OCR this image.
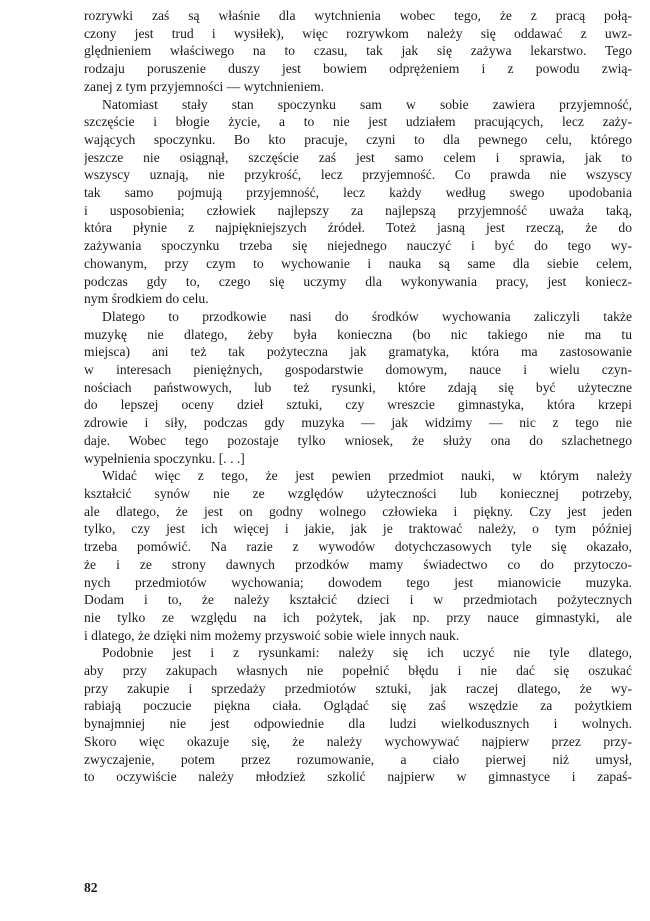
rozrywki zaś są właśnie dla wytchnienia wobec tego, że z pracą połą-

czony jest trud i wysiłek), więc rozrywkom należy się oddawać z uwz-

ględnieniem właściwego na to czasu, tak jak się zażywa lekarstwo. Tego

rodzaju poruszenie duszy jest bowiem odprężeniem i z powodu zwią-

zanej z tym przyjemności — wytchnieniem.

Natomiast stały stan spoczynku sam w sobie zawiera przyjemność,

szczęście i błogie życie, a to nie jest udziałem pracujących, lecz zaży-

wających spoczynku. Bo kto pracuje, czyni to dla pewnego celu, którego

jeszcze nie osiągnął, szczęście zaś jest samo celem i sprawia, jak to

wszyscy uznają, nie przykrość, lecz przyjemność. Co prawda nie wszyscy

tak samo pojmują przyjemność, lecz każdy według swego upodobania

i usposobienia; człowiek najlepszy za najlepszą przyjemność uważa taką,

która płynie z najpiękniejszych źródeł. Toteż jasną jest rzeczą, że do

zażywania spoczynku trzeba się niejednego nauczyć i być do tego wy-

chowanym, przy czym to wychowanie i nauka są same dla siebie celem,

podczas gdy to, czego się uczymy dla wykonywania pracy, jest koniecz-

nym środkiem do celu.

Dlatego to przodkowie nasi do środków wychowania zaliczyli także

muzykę nie dlatego, żeby była konieczna (bo nic takiego nie ma tu

miejsca) ani też tak pożyteczna jak gramatyka, która ma zastosowanie

w interesach pieniężnych, gospodarstwie domowym, nauce i wielu czyn-

nościach państwowych, lub też rysunki, które zdają się być użyteczne

do lepszej oceny dzieł sztuki, czy wreszcie gimnastyka, która krzepi

zdrowie i siły, podczas gdy muzyka — jak widzimy — nic z tego nie

daje. Wobec tego pozostaje tylko wniosek, że służy ona do szlachetnego

wypełnienia spoczynku. [. . .]

Widać więc z tego, że jest pewien przedmiot nauki, w którym należy

kształcić synów nie ze względów użyteczności lub koniecznej potrzeby,

ale dlatego, że jest on godny wolnego człowieka i piękny. Czy jest jeden

tylko, czy jest ich więcej i jakie, jak je traktować należy, o tym później

trzeba pomówić. Na razie z wywodów dotychczasowych tyle się okazało,

że i ze strony dawnych przodków mamy świadectwo co do przytoczo-

nych przedmiotów wychowania; dowodem tego jest mianowicie muzyka.

Dodam i to, że należy kształcić dzieci i w przedmiotach pożytecznych

nie tylko ze względu na ich pożytek, jak np. przy nauce gimnastyki, ale

i dlatego, że dzięki nim możemy przyswoić sobie wiele innych nauk.

Podobnie jest i z rysunkami: należy się ich uczyć nie tyle dlatego,

aby przy zakupach własnych nie popełnić błędu i nie dać się oszukać

przy zakupie i sprzedaży przedmiotów sztuki, jak raczej dlatego, że wy-

rabiają poczucie piękna ciała. Oglądać się zaś wszędzie za pożytkiem

bynajmniej nie jest odpowiednie dla ludzi wielkodusznych i wolnych.

Skoro więc okazuje się, że należy wychowywać najpierw przez przy-

zwyczajenie, potem przez rozumowanie, a ciało pierwej niż umysł,

to oczywiście należy młodzież szkolić najpierw w gimnastyce i zapaś-

82
